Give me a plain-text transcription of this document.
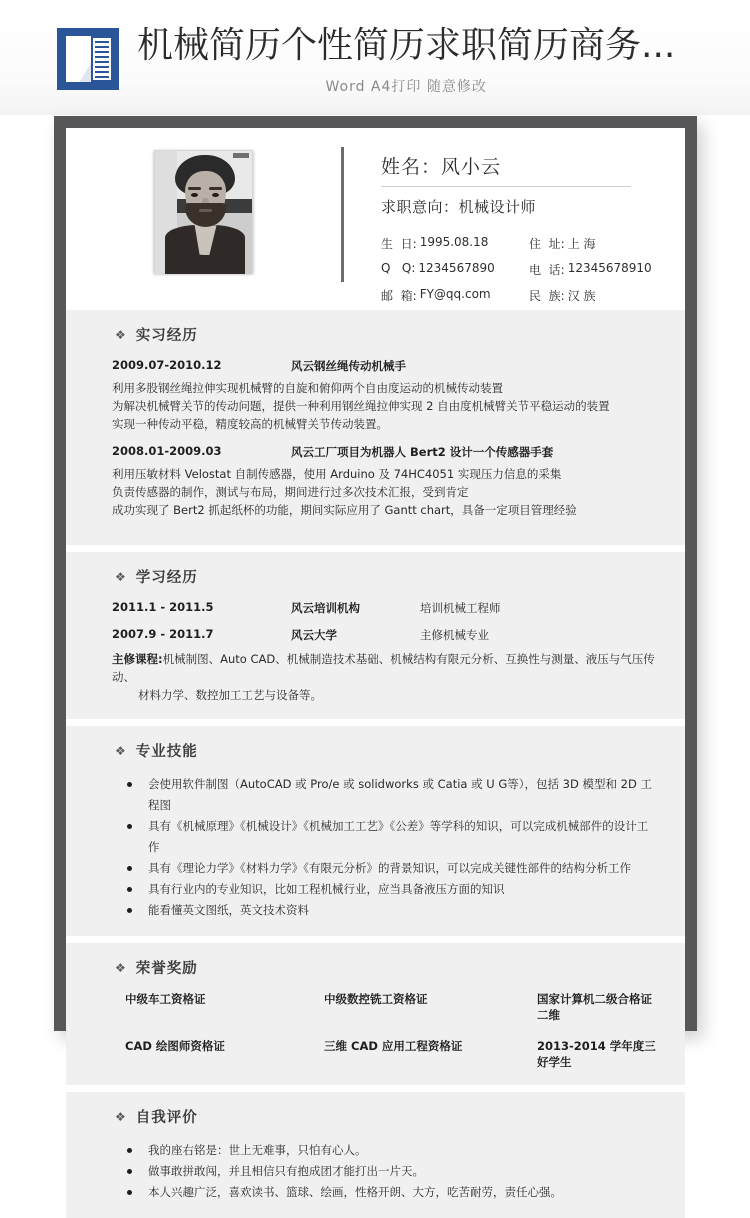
W
机械简历个性简历求职简历商务...
Word A4打印 随意修改
姓名：风小云
求职意向：机械设计师
生  日: 1995.08.18	住  址: 上 海
Q   Q: 1234567890	电  话: 12345678910
邮  箱: FY@qq.com	民  族: 汉 族
❖ 实习经历
2009.07-2010.12	风云钢丝绳传动机械手
利用多股钢丝绳拉伸实现机械臂的自旋和俯仰两个自由度运动的机械传动装置
为解决机械臂关节的传动问题，提供一种利用钢丝绳拉伸实现 2 自由度机械臂关节平稳运动的装置
实现一种传动平稳，精度较高的机械臂关节传动装置。
2008.01-2009.03	风云工厂项目为机器人 Bert2 设计一个传感器手套
利用压敏材料 Velostat 自制传感器，使用 Arduino 及 74HC4051 实现压力信息的采集
负责传感器的制作，测试与布局，期间进行过多次技术汇报，受到肯定
成功实现了 Bert2 抓起纸杯的功能，期间实际应用了 Gantt chart，具备一定项目管理经验
❖ 学习经历
2011.1 - 2011.5	风云培训机构	培训机械工程师
2007.9 - 2011.7	风云大学	主修机械专业
主修课程:机械制图、Auto CAD、机械制造技术基础、机械结构有限元分析、互换性与测量、液压与气压传动、
材料力学、数控加工工艺与设备等。
❖ 专业技能
会使用软件制图（AutoCAD 或 Pro/e 或 solidworks 或 Catia 或 U G等），包括 3D 模型和 2D 工程图
具有《机械原理》《机械设计》《机械加工工艺》《公差》等学科的知识，可以完成机械部件的设计工作
具有《理论力学》《材料力学》《有限元分析》的背景知识，可以完成关键性部件的结构分析工作
具有行业内的专业知识，比如工程机械行业，应当具备液压方面的知识
能看懂英文图纸，英文技术资料
❖ 荣誉奖励
中级车工资格证	中级数控铣工资格证	国家计算机二级合格证 二维
CAD 绘图师资格证	三维 CAD 应用工程资格证	2013-2014 学年度三好学生
❖ 自我评价
我的座右铭是：世上无难事，只怕有心人。
做事敢拼敢闯，并且相信只有抱成团才能打出一片天。
本人兴趣广泛，喜欢读书、篮球、绘画，性格开朗、大方，吃苦耐劳，责任心强。
